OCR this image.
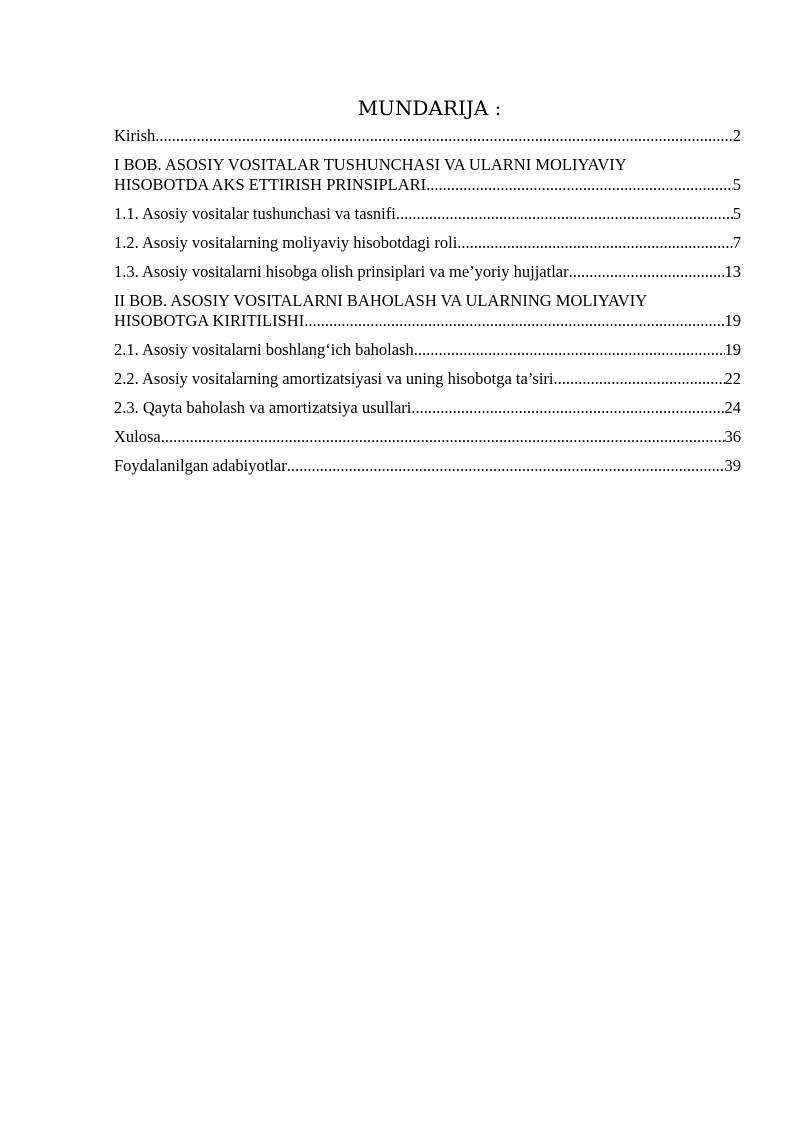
MUNDARIJA :
Kirish .....	2
I BOB. ASOSIY VOSITALAR TUSHUNCHASI VA ULARNI MOLIYAVIY
HISOBOTDA AKS ETTIRISH PRINSIPLARI .....	5
1.1. Asosiy vositalar tushunchasi va tasnifi .....	5
1.2. Asosiy vositalarning moliyaviy hisobotdagi roli .....	7
1.3. Asosiy vositalarni hisobga olish prinsiplari va me’yoriy hujjatlar .....	13
II BOB. ASOSIY VOSITALARNI BAHOLASH VA ULARNING MOLIYAVIY
HISOBOTGA KIRITILISHI .....	19
2.1. Asosiy vositalarni boshlang‘ich baholash .....	19
2.2. Asosiy vositalarning amortizatsiyasi va uning hisobotga ta’siri .....	22
2.3. Qayta baholash va amortizatsiya usullari .....	24
Xulosa .....	36
Foydalanilgan adabiyotlar .....	39
